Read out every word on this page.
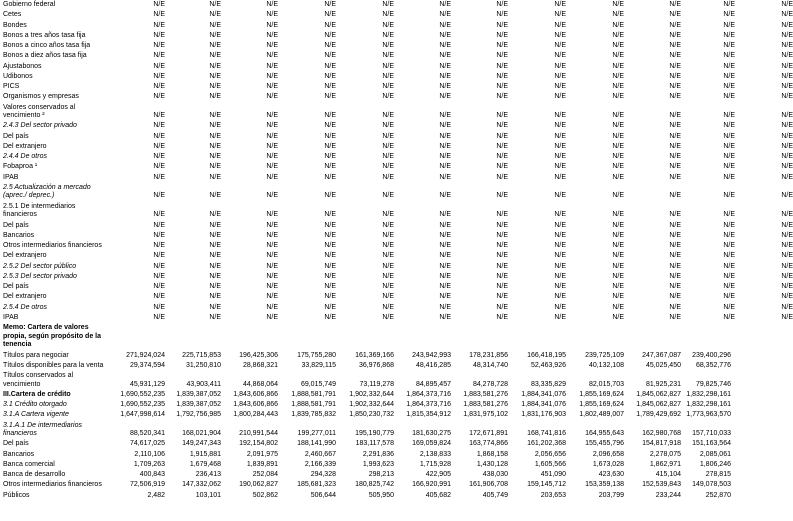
Gobierno federal	N/E	N/E	N/E	N/E	N/E	N/E	N/E	N/E	N/E	N/E	N/E	N/E
Cetes	N/E	N/E	N/E	N/E	N/E	N/E	N/E	N/E	N/E	N/E	N/E	N/E
Bondes	N/E	N/E	N/E	N/E	N/E	N/E	N/E	N/E	N/E	N/E	N/E	N/E
Bonos a tres años tasa fija	N/E	N/E	N/E	N/E	N/E	N/E	N/E	N/E	N/E	N/E	N/E	N/E
Bonos a cinco años tasa fija	N/E	N/E	N/E	N/E	N/E	N/E	N/E	N/E	N/E	N/E	N/E	N/E
Bonos a diez años tasa fija	N/E	N/E	N/E	N/E	N/E	N/E	N/E	N/E	N/E	N/E	N/E	N/E
Ajustabonos	N/E	N/E	N/E	N/E	N/E	N/E	N/E	N/E	N/E	N/E	N/E	N/E
Udibonos	N/E	N/E	N/E	N/E	N/E	N/E	N/E	N/E	N/E	N/E	N/E	N/E
PICS	N/E	N/E	N/E	N/E	N/E	N/E	N/E	N/E	N/E	N/E	N/E	N/E
Organismos y empresas	N/E	N/E	N/E	N/E	N/E	N/E	N/E	N/E	N/E	N/E	N/E	N/E
Valores conservados al
vencimiento ²	N/E	N/E	N/E	N/E	N/E	N/E	N/E	N/E	N/E	N/E	N/E	N/E
2.4.3 Del sector privado	N/E	N/E	N/E	N/E	N/E	N/E	N/E	N/E	N/E	N/E	N/E	N/E
Del país	N/E	N/E	N/E	N/E	N/E	N/E	N/E	N/E	N/E	N/E	N/E	N/E
Del extranjero	N/E	N/E	N/E	N/E	N/E	N/E	N/E	N/E	N/E	N/E	N/E	N/E
2.4.4 De otros	N/E	N/E	N/E	N/E	N/E	N/E	N/E	N/E	N/E	N/E	N/E	N/E
Fobaproa ¹	N/E	N/E	N/E	N/E	N/E	N/E	N/E	N/E	N/E	N/E	N/E	N/E
IPAB	N/E	N/E	N/E	N/E	N/E	N/E	N/E	N/E	N/E	N/E	N/E	N/E
2.5 Actualización a mercado
(aprec./ deprec.)	N/E	N/E	N/E	N/E	N/E	N/E	N/E	N/E	N/E	N/E	N/E	N/E
2.5.1 De intermediarios
financieros	N/E	N/E	N/E	N/E	N/E	N/E	N/E	N/E	N/E	N/E	N/E	N/E
Del país	N/E	N/E	N/E	N/E	N/E	N/E	N/E	N/E	N/E	N/E	N/E	N/E
Bancarios	N/E	N/E	N/E	N/E	N/E	N/E	N/E	N/E	N/E	N/E	N/E	N/E
Otros intermediarios financieros	N/E	N/E	N/E	N/E	N/E	N/E	N/E	N/E	N/E	N/E	N/E	N/E
Del extranjero	N/E	N/E	N/E	N/E	N/E	N/E	N/E	N/E	N/E	N/E	N/E	N/E
2.5.2 Del sector público	N/E	N/E	N/E	N/E	N/E	N/E	N/E	N/E	N/E	N/E	N/E	N/E
2.5.3 Del sector privado	N/E	N/E	N/E	N/E	N/E	N/E	N/E	N/E	N/E	N/E	N/E	N/E
Del país	N/E	N/E	N/E	N/E	N/E	N/E	N/E	N/E	N/E	N/E	N/E	N/E
Del extranjero	N/E	N/E	N/E	N/E	N/E	N/E	N/E	N/E	N/E	N/E	N/E	N/E
2.5.4 De otros	N/E	N/E	N/E	N/E	N/E	N/E	N/E	N/E	N/E	N/E	N/E	N/E
IPAB	N/E	N/E	N/E	N/E	N/E	N/E	N/E	N/E	N/E	N/E	N/E	N/E
Memo: Cartera de valores
propia, según propósito de la
tenencia
Títulos para negociar	271,924,024	225,715,853	196,425,306	175,755,280	161,369,166	243,942,993	178,231,856	166,418,195	239,725,109	247,367,087	239,400,296
Títulos disponibles para la venta	29,374,594	31,250,810	28,868,321	33,829,115	36,976,868	48,416,285	48,314,740	52,463,926	40,132,108	45,025,450	68,352,776
Títulos conservados al
vencimiento	45,931,129	43,903,411	44,868,064	69,015,749	73,119,278	84,895,457	84,278,728	83,335,829	82,015,703	81,925,231	79,825,746
III.Cartera de crédito	1,690,552,235	1,839,387,052	1,843,606,866	1,888,581,791	1,902,332,644	1,864,373,716	1,883,581,276	1,884,341,076	1,855,169,624	1,845,062,827 1,832,298,161
3.1 Crédito otorgado	1,690,552,235	1,839,387,052	1,843,606,866	1,888,581,791	1,902,332,644	1,864,373,716	1,883,581,276	1,884,341,076	1,855,169,624	1,845,062,827 1,832,298,161
3.1.A Cartera vigente	1,647,998,614	1,792,756,985	1,800,284,443	1,839,785,832	1,850,230,732	1,815,354,912	1,831,975,102	1,831,176,903	1,802,489,007	1,789,429,692 1,773,963,570
3.1.A.1 De intermediarios
financieros	88,520,341	168,021,904	210,991,544	199,277,011	195,190,779	181,630,275	172,671,891	168,741,816	164,955,643	162,980,768	157,710,033
Del país	74,617,025	149,247,343	192,154,802	188,141,990	183,117,578	169,059,824	163,774,866	161,202,368	155,455,796	154,817,918	151,163,564
Bancarios	2,110,106	1,915,881	2,091,975	2,460,667	2,291,836	2,138,833	1,868,158	2,056,656	2,096,658	2,278,075	2,085,061
Banca comercial	1,709,263	1,679,468	1,839,891	2,166,339	1,993,623	1,715,928	1,430,128	1,605,566	1,673,028	1,862,971	1,806,246
Banca de desarrollo	400,843	236,413	252,084	294,328	298,213	422,905	438,030	451,090	423,630	415,104	278,815
Otros intermediarios financieros	72,506,919	147,332,062	190,062,827	185,681,323	180,825,742	166,920,991	161,906,708	159,145,712	153,359,138	152,539,843	149,078,503
Públicos	2,482	103,101	502,862	506,644	505,950	405,682	405,749	203,653	203,799	233,244	252,870
